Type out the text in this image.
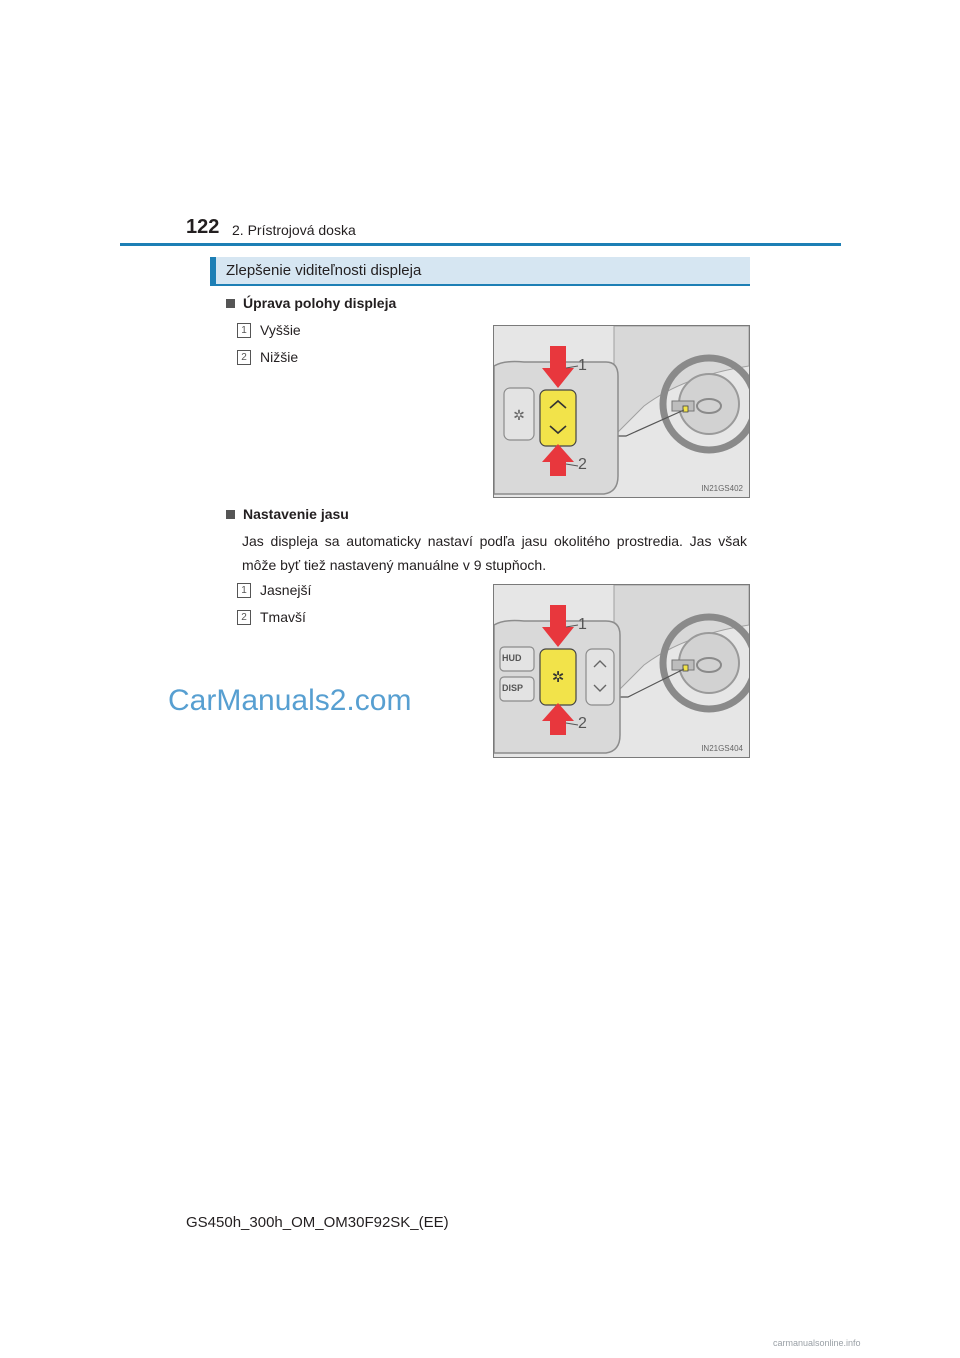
122 2. Prístrojová doska
Zlepšenie viditeľnosti displeja
Úprava polohy displeja
1 Vyššie
2 Nižšie
✲
1
2
IN21GS402
Nastavenie jasu
Jas displeja sa automaticky nastaví podľa jasu okolitého prostredia. Jas však môže byť tiež nastavený manuálne v 9 stupňoch.
1 Jasnejší
2 Tmavší
✲
HUD
DISP
1
2
IN21GS404
CarManuals2.com
GS450h_300h_OM_OM30F92SK_(EE)
carmanualsonline.info
